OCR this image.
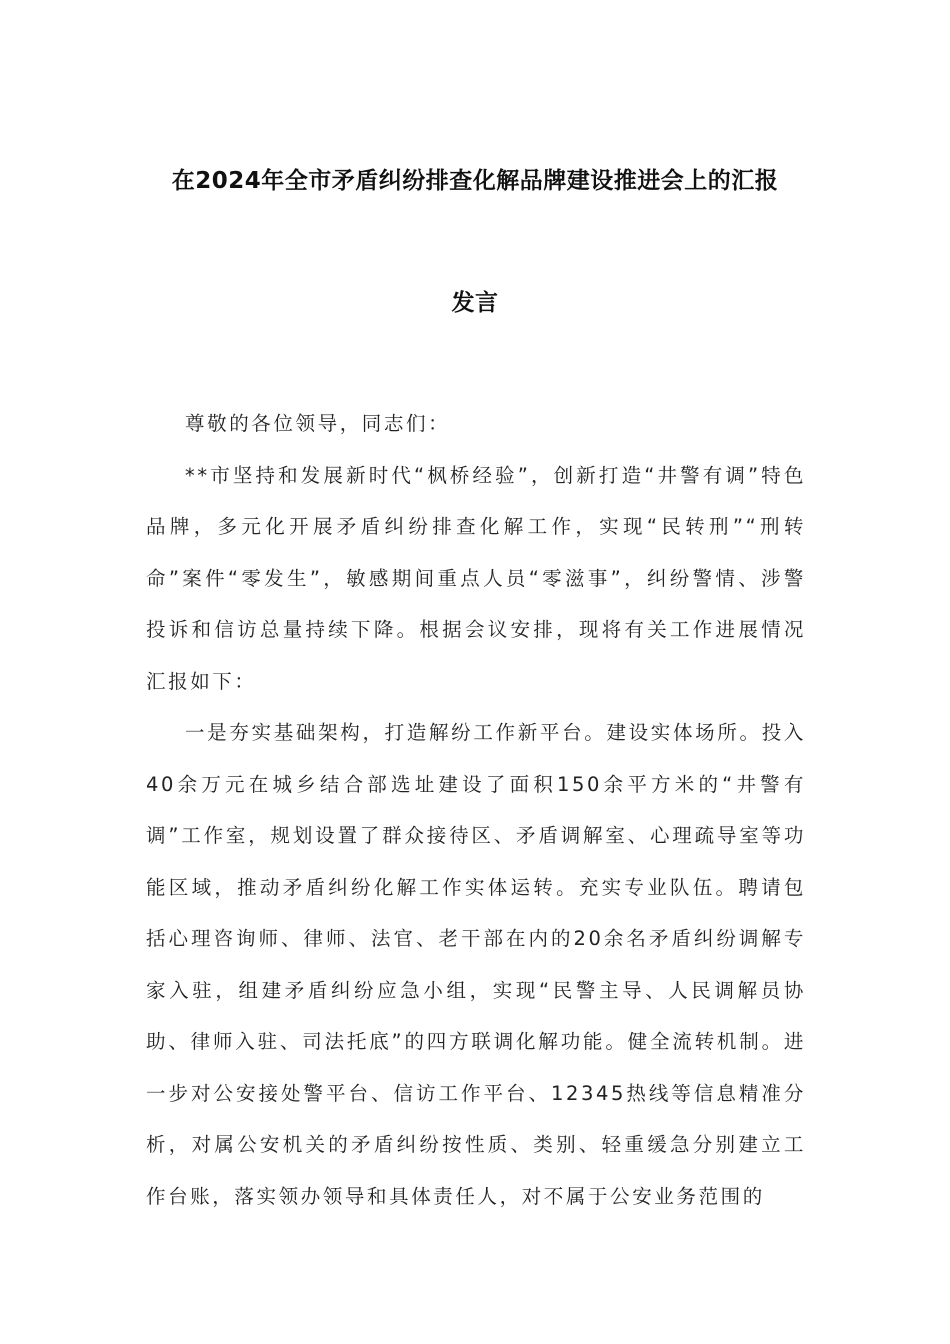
在2024年全市矛盾纠纷排查化解品牌建设推进会上的汇报
发言

尊敬的各位领导，同志们：

**市坚持和发展新时代“枫桥经验”，创新打造“井警有调”特色品牌，多元化开展矛盾纠纷排查化解工作，实现“民转刑”“刑转命”案件“零发生”，敏感期间重点人员“零滋事”，纠纷警情、涉警投诉和信访总量持续下降。根据会议安排，现将有关工作进展情况汇报如下：

一是夯实基础架构，打造解纷工作新平台。建设实体场所。投入40余万元在城乡结合部选址建设了面积150余平方米的“井警有调”工作室，规划设置了群众接待区、矛盾调解室、心理疏导室等功能区域，推动矛盾纠纷化解工作实体运转。充实专业队伍。聘请包括心理咨询师、律师、法官、老干部在内的20余名矛盾纠纷调解专家入驻，组建矛盾纠纷应急小组，实现“民警主导、人民调解员协助、律师入驻、司法托底”的四方联调化解功能。健全流转机制。进一步对公安接处警平台、信访工作平台、12345热线等信息精准分析，对属公安机关的矛盾纠纷按性质、类别、轻重缓急分别建立工作台账，落实领办领导和具体责任人，对不属于公安业务范围的
